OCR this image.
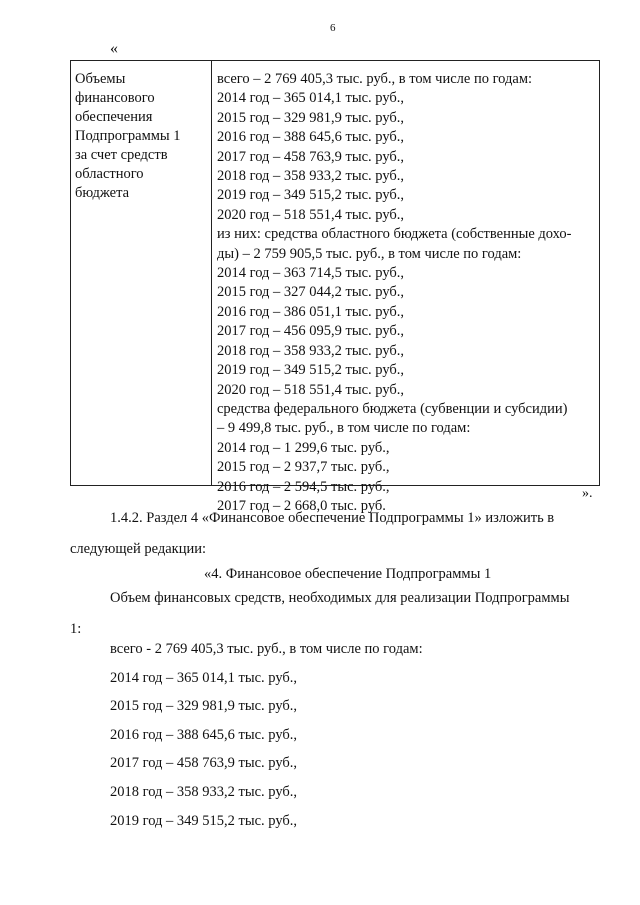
6
«
Объемы
финансового
обеспечения
Подпрограммы 1
за счет средств
областного
бюджета
всего – 2 769 405,3 тыс. руб., в том числе по годам:
2014 год – 365 014,1 тыс. руб.,
2015 год – 329 981,9 тыс. руб.,
2016 год – 388 645,6 тыс. руб.,
2017 год – 458 763,9 тыс. руб.,
2018 год – 358 933,2 тыс. руб.,
2019 год – 349 515,2 тыс. руб.,
2020 год – 518 551,4 тыс. руб.,
из них: средства областного бюджета (собственные дохо-
ды) – 2 759 905,5 тыс. руб., в том числе по годам:
2014 год – 363 714,5 тыс. руб.,
2015 год – 327 044,2 тыс. руб.,
2016 год – 386 051,1 тыс. руб.,
2017 год – 456 095,9 тыс. руб.,
2018 год – 358 933,2 тыс. руб.,
2019 год – 349 515,2 тыс. руб.,
2020 год – 518 551,4 тыс. руб.,
средства федерального бюджета (субвенции и субсидии)
– 9 499,8 тыс. руб., в том числе по годам:
2014 год – 1 299,6 тыс. руб.,
2015 год – 2 937,7 тыс. руб.,
2016 год – 2 594,5 тыс. руб.,
2017 год – 2 668,0 тыс. руб.
».
1.4.2. Раздел 4 «Финансовое обеспечение Подпрограммы 1» изложить в
следующей редакции:
«4. Финансовое обеспечение Подпрограммы 1
Объем финансовых средств, необходимых для реализации Подпрограммы
1:
всего - 2 769 405,3 тыс. руб., в том числе по годам:
2014 год – 365 014,1 тыс. руб.,
2015 год – 329 981,9 тыс. руб.,
2016 год – 388 645,6 тыс. руб.,
2017 год – 458 763,9 тыс. руб.,
2018 год – 358 933,2 тыс. руб.,
2019 год – 349 515,2 тыс. руб.,
